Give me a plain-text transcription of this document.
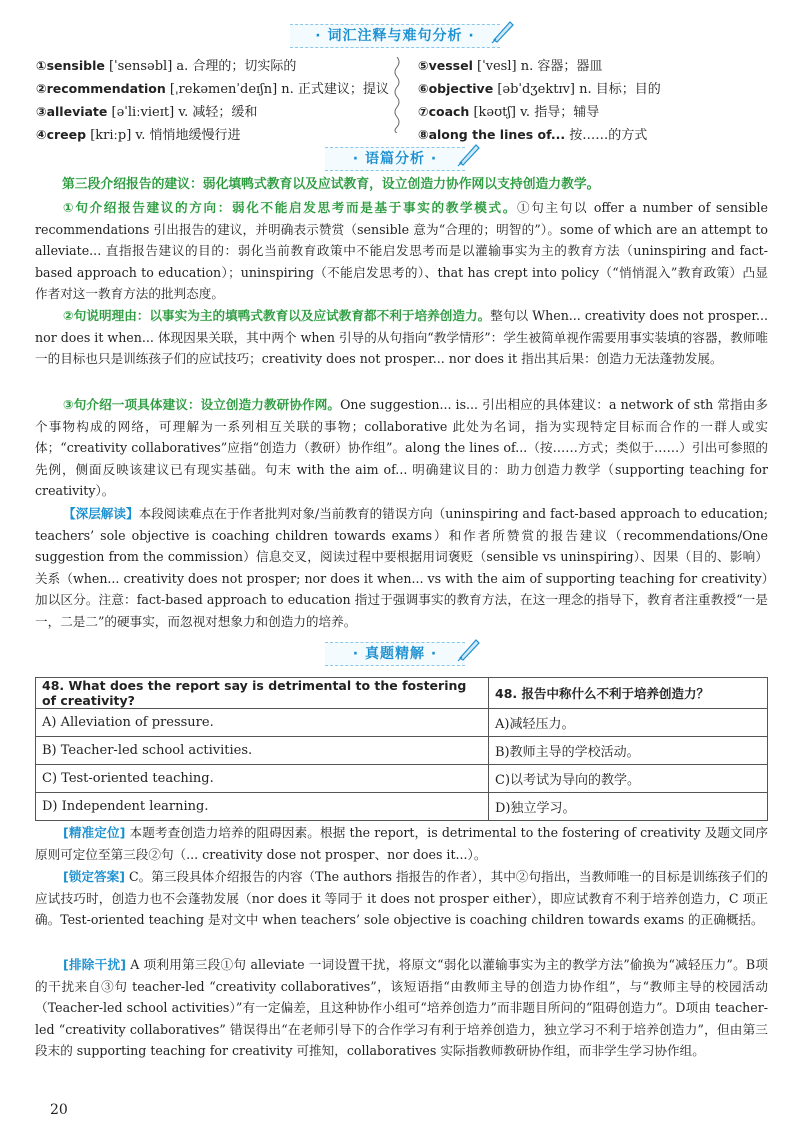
· 词汇注释与难句分析 ·
①sensible [ˈsensəbl] a. 合理的；切实际的
②recommendation [ˌrekəmenˈdeɪʃn] n. 正式建议；提议
③alleviate [əˈliːvieɪt] v. 减轻；缓和
④creep [kriːp] v. 悄悄地缓慢行进
⑤vessel [ˈvesl] n. 容器；器皿
⑥objective [əbˈdʒektɪv] n. 目标；目的
⑦coach [kəʊtʃ] v. 指导；辅导
⑧along the lines of... 按……的方式
· 语篇分析 ·

第三段介绍报告的建议：弱化填鸭式教育以及应试教育，设立创造力协作网以支持创造力教学。

①句介绍报告建议的方向：弱化不能启发思考而是基于事实的教学模式。①句主句以 offer a number of sensible recommendations 引出报告的建议，并明确表示赞赏（sensible 意为“合理的；明智的”）。some of which are an attempt to alleviate... 直指报告建议的目的：弱化当前教育政策中不能启发思考而是以灌输事实为主的教育方法（uninspiring and fact-based approach to education）；uninspiring（不能启发思考的）、that has crept into policy（“悄悄混入”教育政策）凸显作者对这一教育方法的批判态度。

②句说明理由：以事实为主的填鸭式教育以及应试教育都不利于培养创造力。整句以 When... creativity does not prosper... nor does it when... 体现因果关联，其中两个 when 引导的从句指向“教学情形”：学生被简单视作需要用事实装填的容器，教师唯一的目标也只是训练孩子们的应试技巧；creativity does not prosper... nor does it 指出其后果：创造力无法蓬勃发展。

③句介绍一项具体建议：设立创造力教研协作网。One suggestion... is... 引出相应的具体建议：a network of sth 常指由多个事物构成的网络，可理解为一系列相互关联的事物；collaborative 此处为名词，指为实现特定目标而合作的一群人或实体；“creativity collaboratives”应指“创造力（教研）协作组”。along the lines of...（按……方式；类似于……）引出可参照的先例，侧面反映该建议已有现实基础。句末 with the aim of... 明确建议目的：助力创造力教学（supporting teaching for creativity）。

【深层解读】本段阅读难点在于作者批判对象/当前教育的错误方向（uninspiring and fact-based approach to education; teachers’ sole objective is coaching children towards exams）和作者所赞赏的报告建议（recommendations/One suggestion from the commission）信息交叉，阅读过程中要根据用词褒贬（sensible vs uninspiring）、因果（目的、影响）关系（when... creativity does not prosper; nor does it when... vs with the aim of supporting teaching for creativity）加以区分。注意：fact-based approach to education 指过于强调事实的教育方法，在这一理念的指导下，教育者注重教授“一是一，二是二”的硬事实，而忽视对想象力和创造力的培养。

· 真题精解 ·
48. What does the report say is detrimental to the fostering of creativity?	48. 报告中称什么不利于培养创造力？
A) Alleviation of pressure.	A)减轻压力。
B) Teacher-led school activities.	B)教师主导的学校活动。
C) Test-oriented teaching.	C)以考试为导向的教学。
D) Independent learning.	D)独立学习。

[精准定位] 本题考查创造力培养的阻碍因素。根据 the report，is detrimental to the fostering of creativity 及题文同序原则可定位至第三段②句（... creativity dose not prosper、nor does it...）。

[锁定答案] C。第三段具体介绍报告的内容（The authors 指报告的作者），其中②句指出，当教师唯一的目标是训练孩子们的应试技巧时，创造力也不会蓬勃发展（nor does it 等同于 it does not prosper either），即应试教育不利于培养创造力，C 项正确。Test-oriented teaching 是对文中 when teachers’ sole objective is coaching children towards exams 的正确概括。

[排除干扰] A 项利用第三段①句 alleviate 一词设置干扰，将原文“弱化以灌输事实为主的教学方法”偷换为“减轻压力”。B项的干扰来自③句 teacher-led “creativity collaboratives”，该短语指“由教师主导的创造力协作组”，与“教师主导的校园活动（Teacher-led school activities）”有一定偏差，且这种协作小组可“培养创造力”而非题目所问的“阻碍创造力”。D项由 teacher-led “creativity collaboratives” 错误得出“在老师引导下的合作学习有利于培养创造力，独立学习不利于培养创造力”，但由第三段末的 supporting teaching for creativity 可推知，collaboratives 实际指教师教研协作组，而非学生学习协作组。

20
